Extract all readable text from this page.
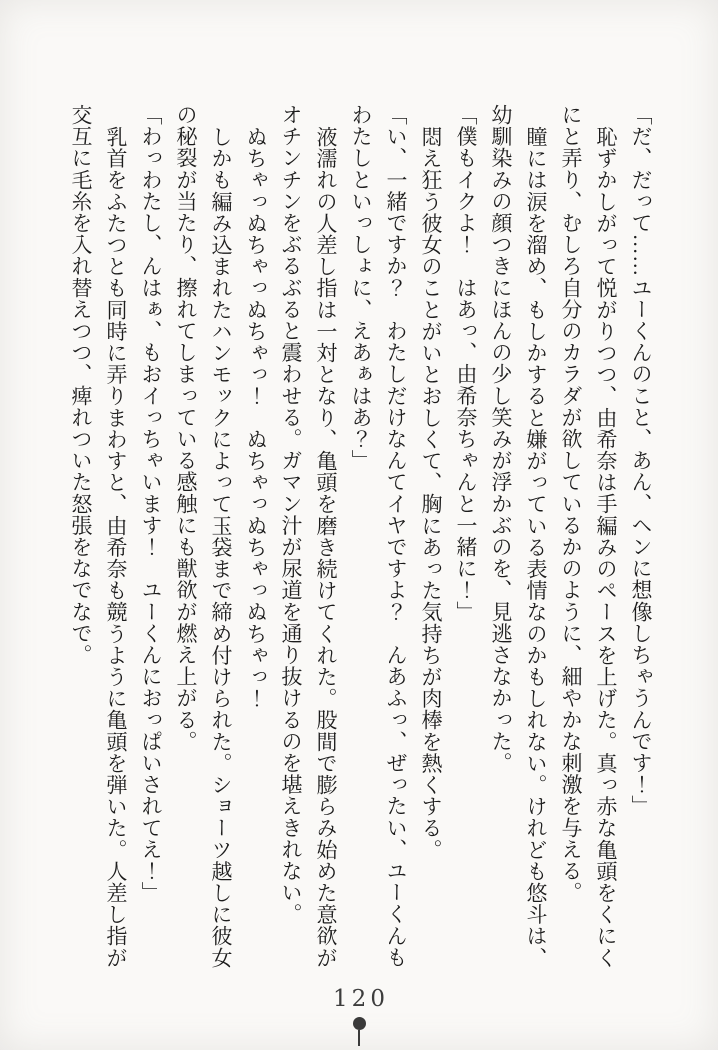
「だ、だって……ユーくんのこと、あん、ヘンに想像しちゃうんです！」

恥ずかしがって悦がりつつ、由希奈は手編みのペースを上げた。真っ赤な亀頭をくにくにと弄り、むしろ自分のカラダが欲しているかのように、細やかな刺激を与える。

瞳には涙を溜め、もしかすると嫌がっている表情なのかもしれない。けれども悠斗は、幼馴染みの顔つきにほんの少し笑みが浮かぶのを、見逃さなかった。

「僕もイクよ！　はあっ、由希奈ちゃんと一緒に！」

悶え狂う彼女のことがいとおしくて、胸にあった気持ちが肉棒を熱くする。

「い、一緒ですか？　わたしだけなんてイヤですよ？　んあふっ、ぜったい、ユーくんもわたしといっしょに、えあぁはあ？」

液濡れの人差し指は一対となり、亀頭を磨き続けてくれた。股間で膨らみ始めた意欲がオチンチンをぶるぶると震わせる。ガマン汁が尿道を通り抜けるのを堪えきれない。

ぬちゃっぬちゃっぬちゃっ！　ぬちゃっぬちゃっぬちゃっ！

しかも編み込まれたハンモックによって玉袋まで締め付けられた。ショーツ越しに彼女の秘裂が当たり、擦れてしまっている感触にも獣欲が燃え上がる。

「わっわたし、んはぁ、もおイっちゃいます！　ユーくんにおっぱいされてえ！」

乳首をふたつとも同時に弄りまわすと、由希奈も競うように亀頭を弾いた。人差し指が交互に毛糸を入れ替えつつ、痺れついた怒張をなでなで。

120
